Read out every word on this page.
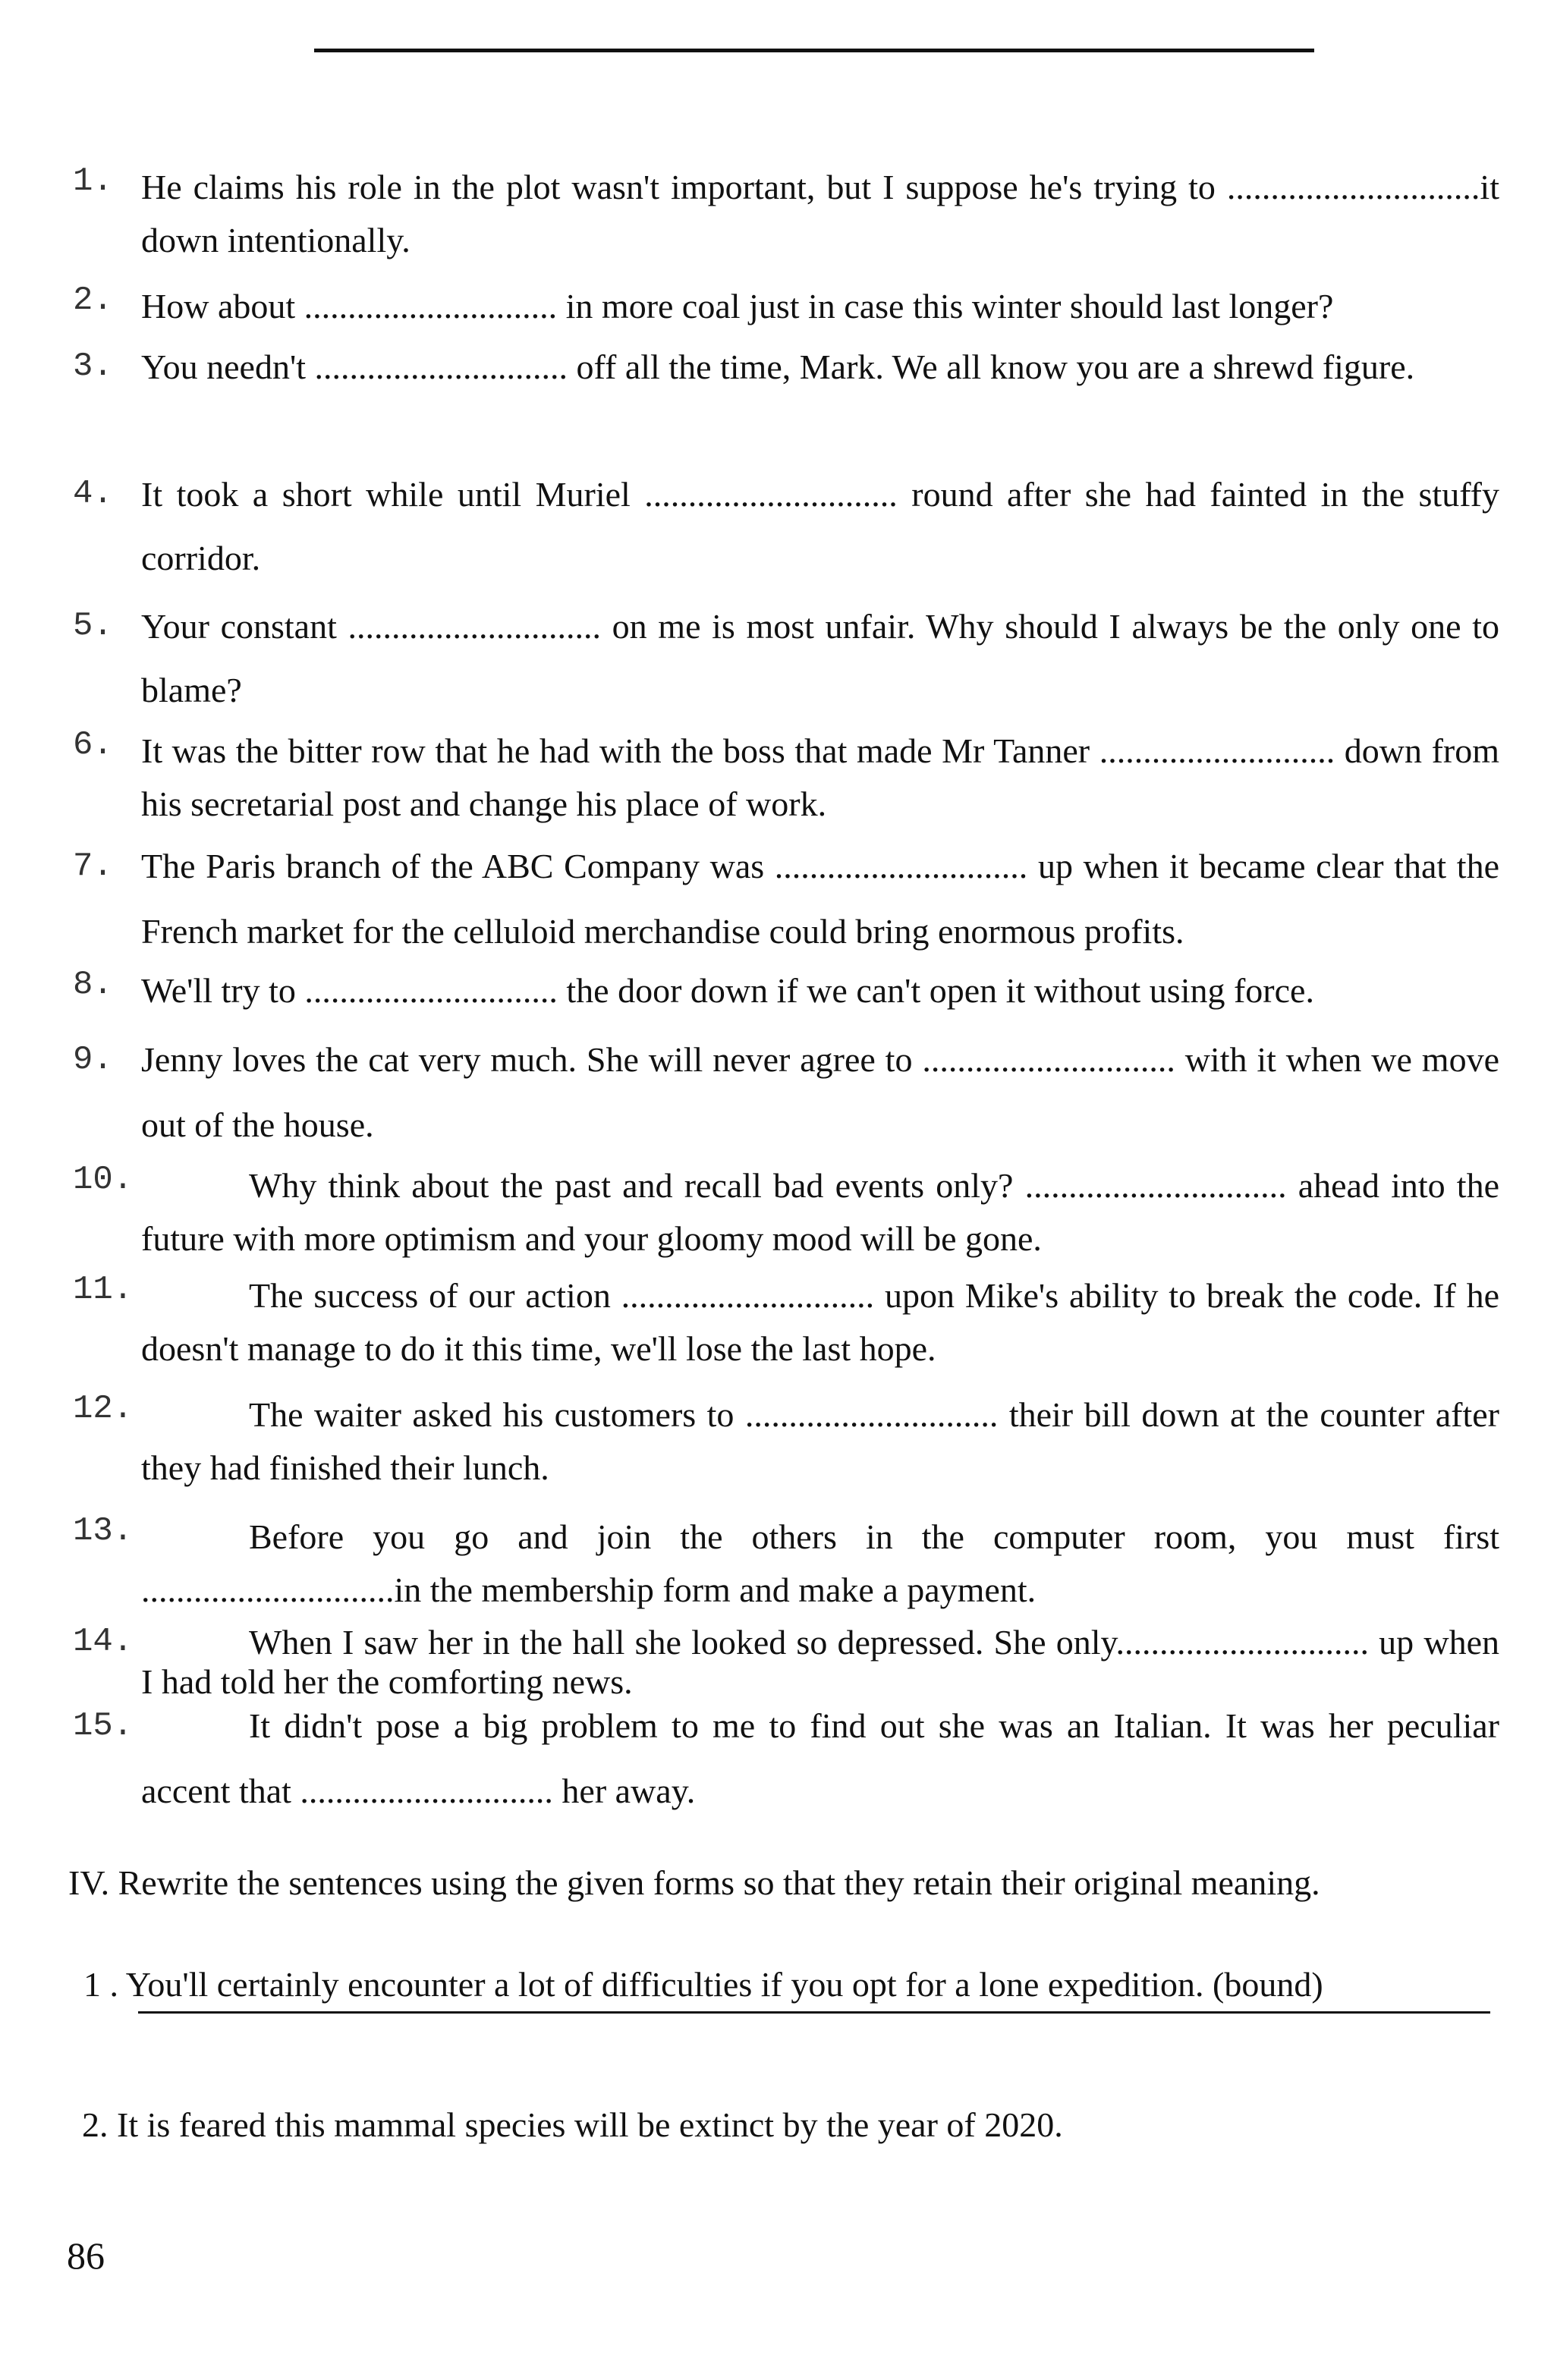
1. He claims his role in the plot wasn't important, but I suppose he's trying to .............................it down intentionally.
2. How about ............................. in more coal just in case this winter should last longer?
3. You needn't ............................. off all the time, Mark. We all know you are a shrewd figure.
4. It took a short while until Muriel ............................. round after she had fainted in the stuffy corridor.
5. Your constant ............................. on me is most unfair. Why should I always be the only one to blame?
6. It was the bitter row that he had with the boss that made Mr Tanner ........................... down from his secretarial post and change his place of work.
7. The Paris branch of the ABC Company was ............................. up when it became clear that the French market for the celluloid merchandise could bring enormous profits.
8. We'll try to ............................. the door down if we can't open it without using force.
9. Jenny loves the cat very much. She will never agree to ............................. with it when we move out of the house.
10.	Why think about the past and recall bad events only? .............................. ahead into the future with more optimism and your gloomy mood will be gone.
11.	The success of our action ............................. upon Mike's ability to break the code. If he doesn't manage to do it this time, we'll lose the last hope.
12.	The waiter asked his customers to ............................. their bill down at the counter after they had finished their lunch.
13.	Before you go and join the others in the computer room, you must first .............................in the membership form and make a payment.
14.	When I saw her in the hall she looked so depressed. She only............................. up when I had told her the comforting news.
15.	It didn't pose a big problem to me to find out she was an Italian. It was her peculiar accent that ............................. her away.
IV. Rewrite the sentences using the given forms so that they retain their original meaning.
1 . You'll certainly encounter a lot of difficulties if you opt for a lone expedition. (bound)
2. It is feared this mammal species will be extinct by the year of 2020.
86
